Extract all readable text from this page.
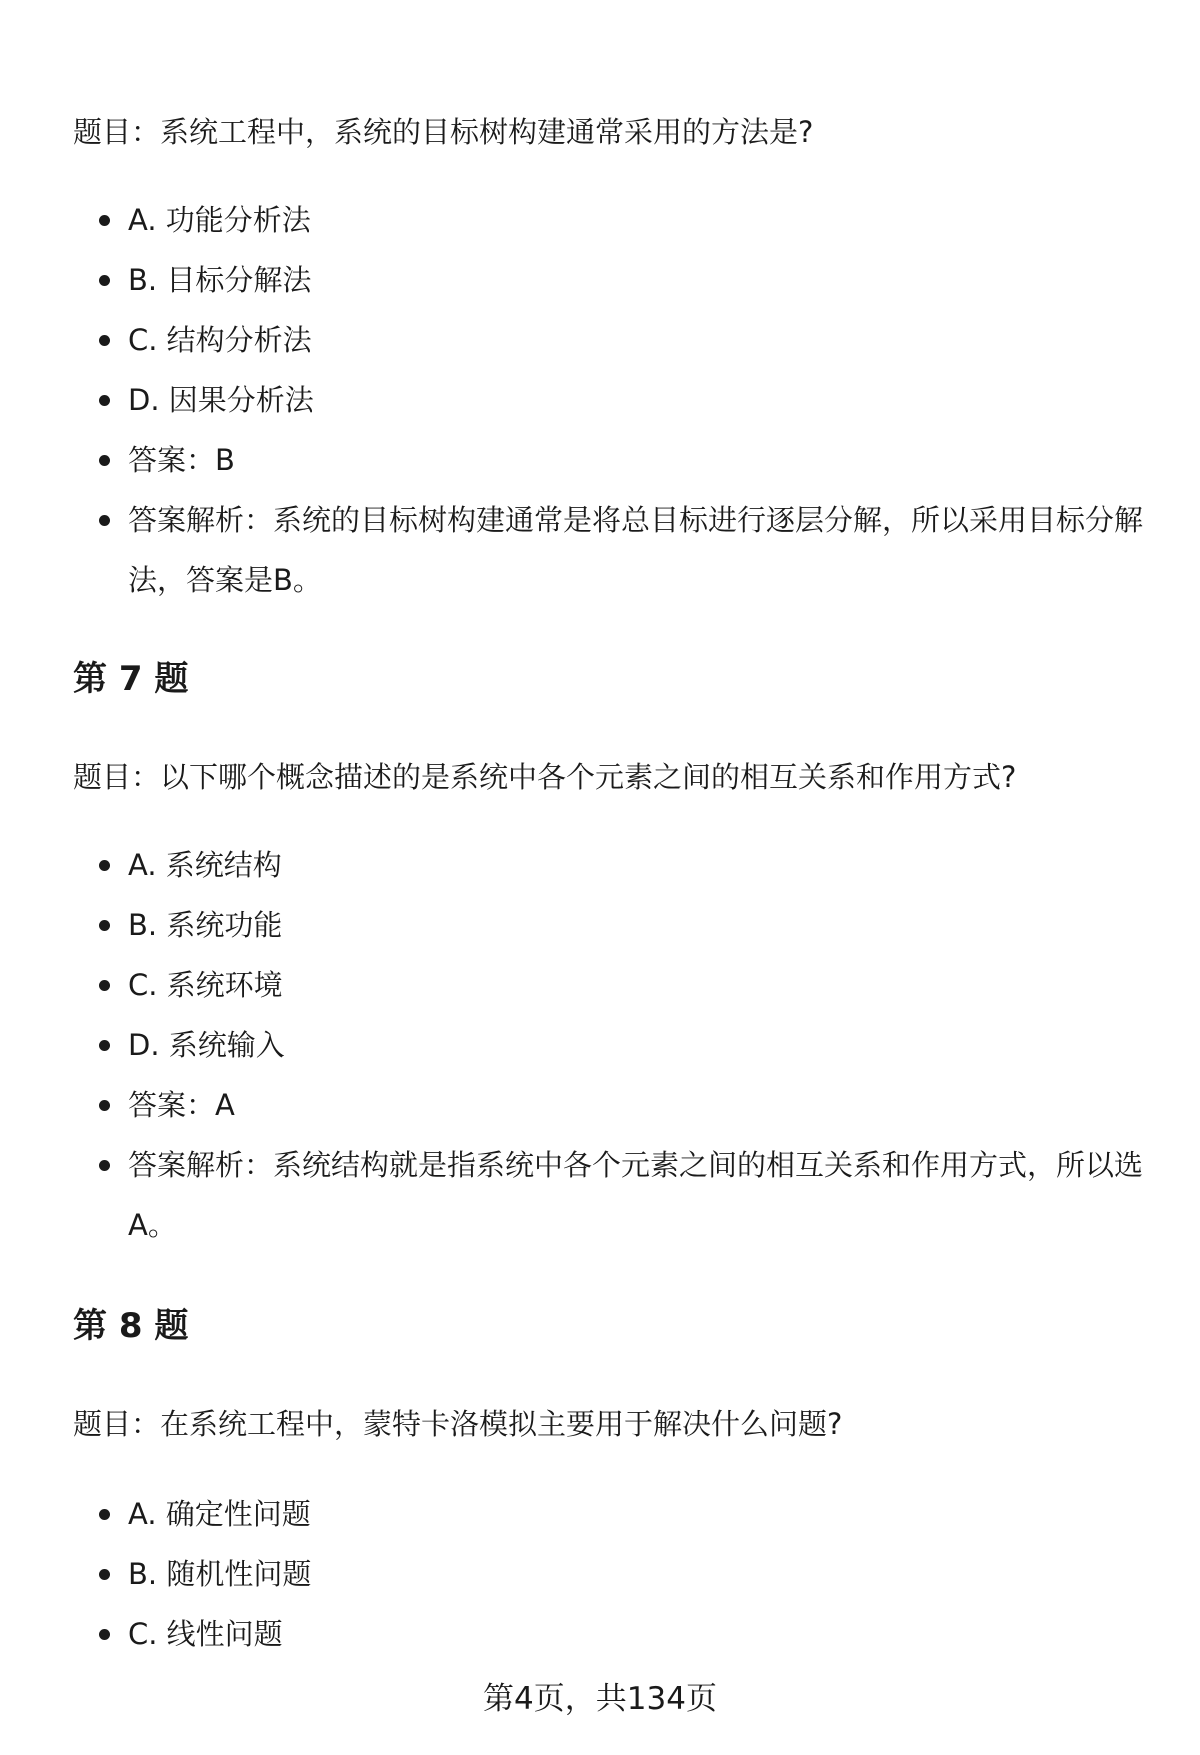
题目：系统工程中，系统的目标树构建通常采用的方法是?
A. 功能分析法
B. 目标分解法
C. 结构分析法
D. 因果分析法
答案：B
答案解析：系统的目标树构建通常是将总目标进行逐层分解，所以采用目标分解法，答案是B。
第 7 题
题目：以下哪个概念描述的是系统中各个元素之间的相互关系和作用方式?
A. 系统结构
B. 系统功能
C. 系统环境
D. 系统输入
答案：A
答案解析：系统结构就是指系统中各个元素之间的相互关系和作用方式，所以选A。
第 8 题
题目：在系统工程中，蒙特卡洛模拟主要用于解决什么问题?
A. 确定性问题
B. 随机性问题
C. 线性问题
第4页，共134页
